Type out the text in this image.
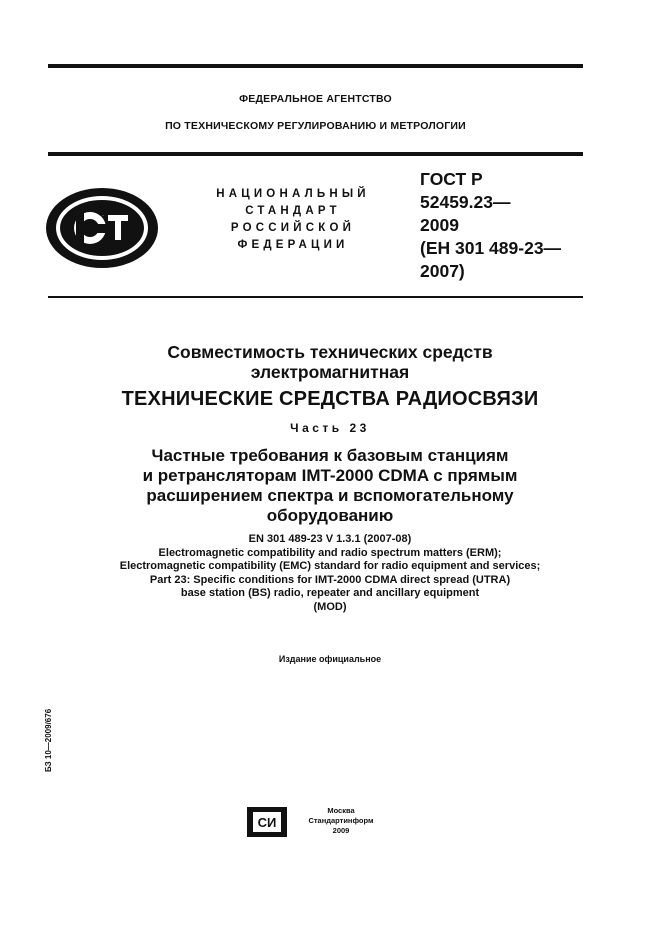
ФЕДЕРАЛЬНОЕ АГЕНТСТВО
ПО ТЕХНИЧЕСКОМУ РЕГУЛИРОВАНИЮ И МЕТРОЛОГИИ
РСТ
НАЦИОНАЛЬНЫЙ
СТАНДАРТ
РОССИЙСКОЙ
ФЕДЕРАЦИИ
ГОСТ Р
52459.23—
2009
(ЕН 301 489-23—
2007)
Совместимость технических средств
электромагнитная
ТЕХНИЧЕСКИЕ СРЕДСТВА РАДИОСВЯЗИ
Часть 23
Частные требования к базовым станциям
и ретрансляторам IMT-2000 CDMA с прямым
расширением спектра и вспомогательному
оборудованию
EN 301 489-23 V 1.3.1 (2007-08)
Electromagnetic compatibility and radio spectrum matters (ERM);
Electromagnetic compatibility (EMC) standard for radio equipment and services;
Part 23: Specific conditions for IMT-2000 CDMA direct spread (UTRA)
base station (BS) radio, repeater and ancillary equipment
(MOD)
Издание официальное
БЗ 10—2009/676
СИ
Москва
Стандартинформ
2009
